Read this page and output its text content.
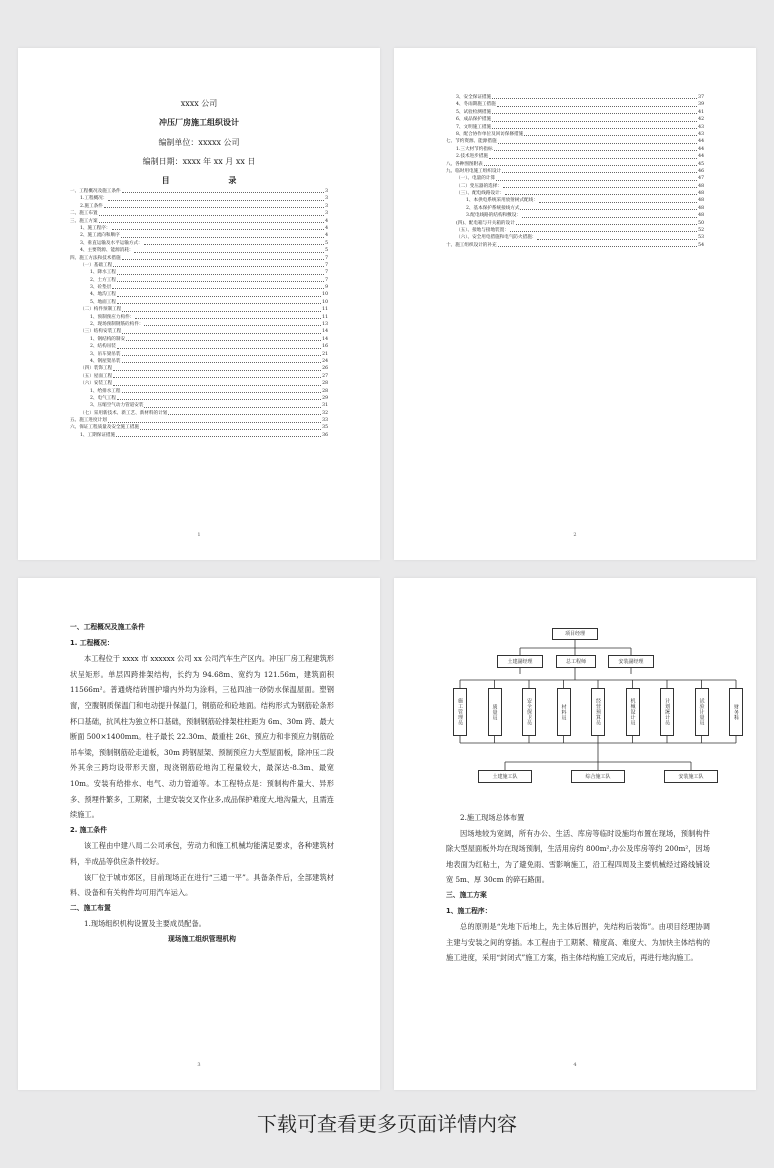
xxxx 公司
冲压厂房施工组织设计
编制单位：xxxxx 公司
编制日期：xxxx 年 xx 月 xx 日
目 录
一、工程概况及施工条件	3
1.工程概况：	3
2.施工条件	3
二、施工布置	3
三、施工方案	4
1、施工程序：	4
2、施工流向和顺序	4
3、垂直运输及水平运输方式：	5
4、主要资源、能源消耗：	5
四、施工方法和技术措施	7
（一）基础工程	7
1、降水工程	7
2、土方工程	7
3、砼垫层	9
4、地沟工程	10
5、地面工程	10
（二）构件预制工程	11
1、预制预应力构件：	11
2、现场预制钢筋砼构件：	13
（三）结构安装工程	14
1、钢结构的制安	14
2、结构吊装	16
3、吊车梁吊装	21
4、钢屋架吊装	24
（四）装饰工程	26
（五）屋面工程	27
（六）安装工程	28
1、给排水工程	28
2、电气工程	29
3、压缩空气动力管道安装	31
（七）采用新技术、新工艺、新材料的计划	32
五、施工进度计划	33
六、保证工程质量及安全施工措施	35
1、工期保证措施	36
1
3、安全保证措施	37
4、冬雨期施工措施	39
5、试验检测措施	41
6、成品保护措施	42
7、文明施工措施	43
8、配合协作单位及回访保修措施	43
七、节约资源、能源措施	44
1.三大材节约指标	44
2.技术进步措施	44
八、各种图图附表	45
九、临时用电施工组织设计	46
（一）、电量的计算	47
（二）变压器的选择：	48
（三）、配电线路设计：	48
1、本供电系统采用放射树式配线：	48
2、基本保护系统接线方式	48
3.配电线路的结构和敷设：	48
(四)、配电箱与开关箱的设计	50
（五）、接地与接地装置：	52
（六）、安全用电措施和电气防火措施：	53
十、施工组织设计的补充	54
2
一、工程概况及施工条件
1. 工程概况：
本工程位于 xxxx 市 xxxxxx 公司 xx 公司汽车生产区内。冲压厂房工程建筑形状呈矩形。单层四跨排架结构，长约为 94.68m、宽约为 121.56m，建筑面积 11566m²。普通烧结砖围护墙内外均为涂料，三毡四油一砂防水保温屋面。塑钢窗，空腹钢质保温门和电动提升保温门，钢筋砼和砼地面。结构形式为钢筋砼条形杯口基础，抗风柱为独立杯口基础，预制钢筋砼排架柱柱距为 6m、30m 跨、最大断面 500×1400mm。柱子最长 22.30m、最重柱 26t、预应力和非预应力钢筋砼吊车梁，预制钢筋砼走道板，30m 跨钢屋架、预制预应力大型屋面板，除冲压二段外其余三跨均设带形天窗，现浇钢筋砼地沟工程量较大，最深达-8.3m、最宽 10m。安装有给排水、电气、动力管道等。本工程特点是：预制构件量大、异形多、预埋件繁多，工期紧，土建安装交叉作业多,成品保护难度大,地沟量大，且需连续施工。
2. 施工条件
该工程由中建八局二公司承包，劳动力和施工机械均能满足要求，各种建筑材料，半成品等供应条件较好。
该厂位于城市郊区，目前现场正在进行“三通一平”。具备条件后，全部建筑材料、设备和有关构件均可用汽车运入。
二、施工布置
1.现场组织机构设置及主要成员配备。
现场施工组织管理机构
3
项目经理
土建副经理	总工程师	安装副经理
施工管理员	质量员	安全保卫员	材料员	经营预算员	机械设计员	计划统计员	试验计量员	财务科
土建施工队	综合施工队	安装施工队
2.施工现场总体布置
因场地较为宽阔，所有办公、生活、库房等临时设施均布置在现场，预制构件除大型屋面板外均在现场预制，生活用房约 800m²,办公及库房等约 200m²，因场地表面为红粘土，为了避免雨、雪影响施工，沿工程四周及主要机械经过路线铺设宽 5m、厚 30cm 的碎石路面。
三、施工方案
1、施工程序：
总的原则是“先地下后地上，先主体后围护，先结构后装饰”。由项目经理协调主建与安装之间的穿插。本工程由于工期紧、精度高、难度大、为加快主体结构的施工进度，采用“封闭式”施工方案，指主体结构施工完成后，再进行地沟施工。
4
下载可查看更多页面详情内容
